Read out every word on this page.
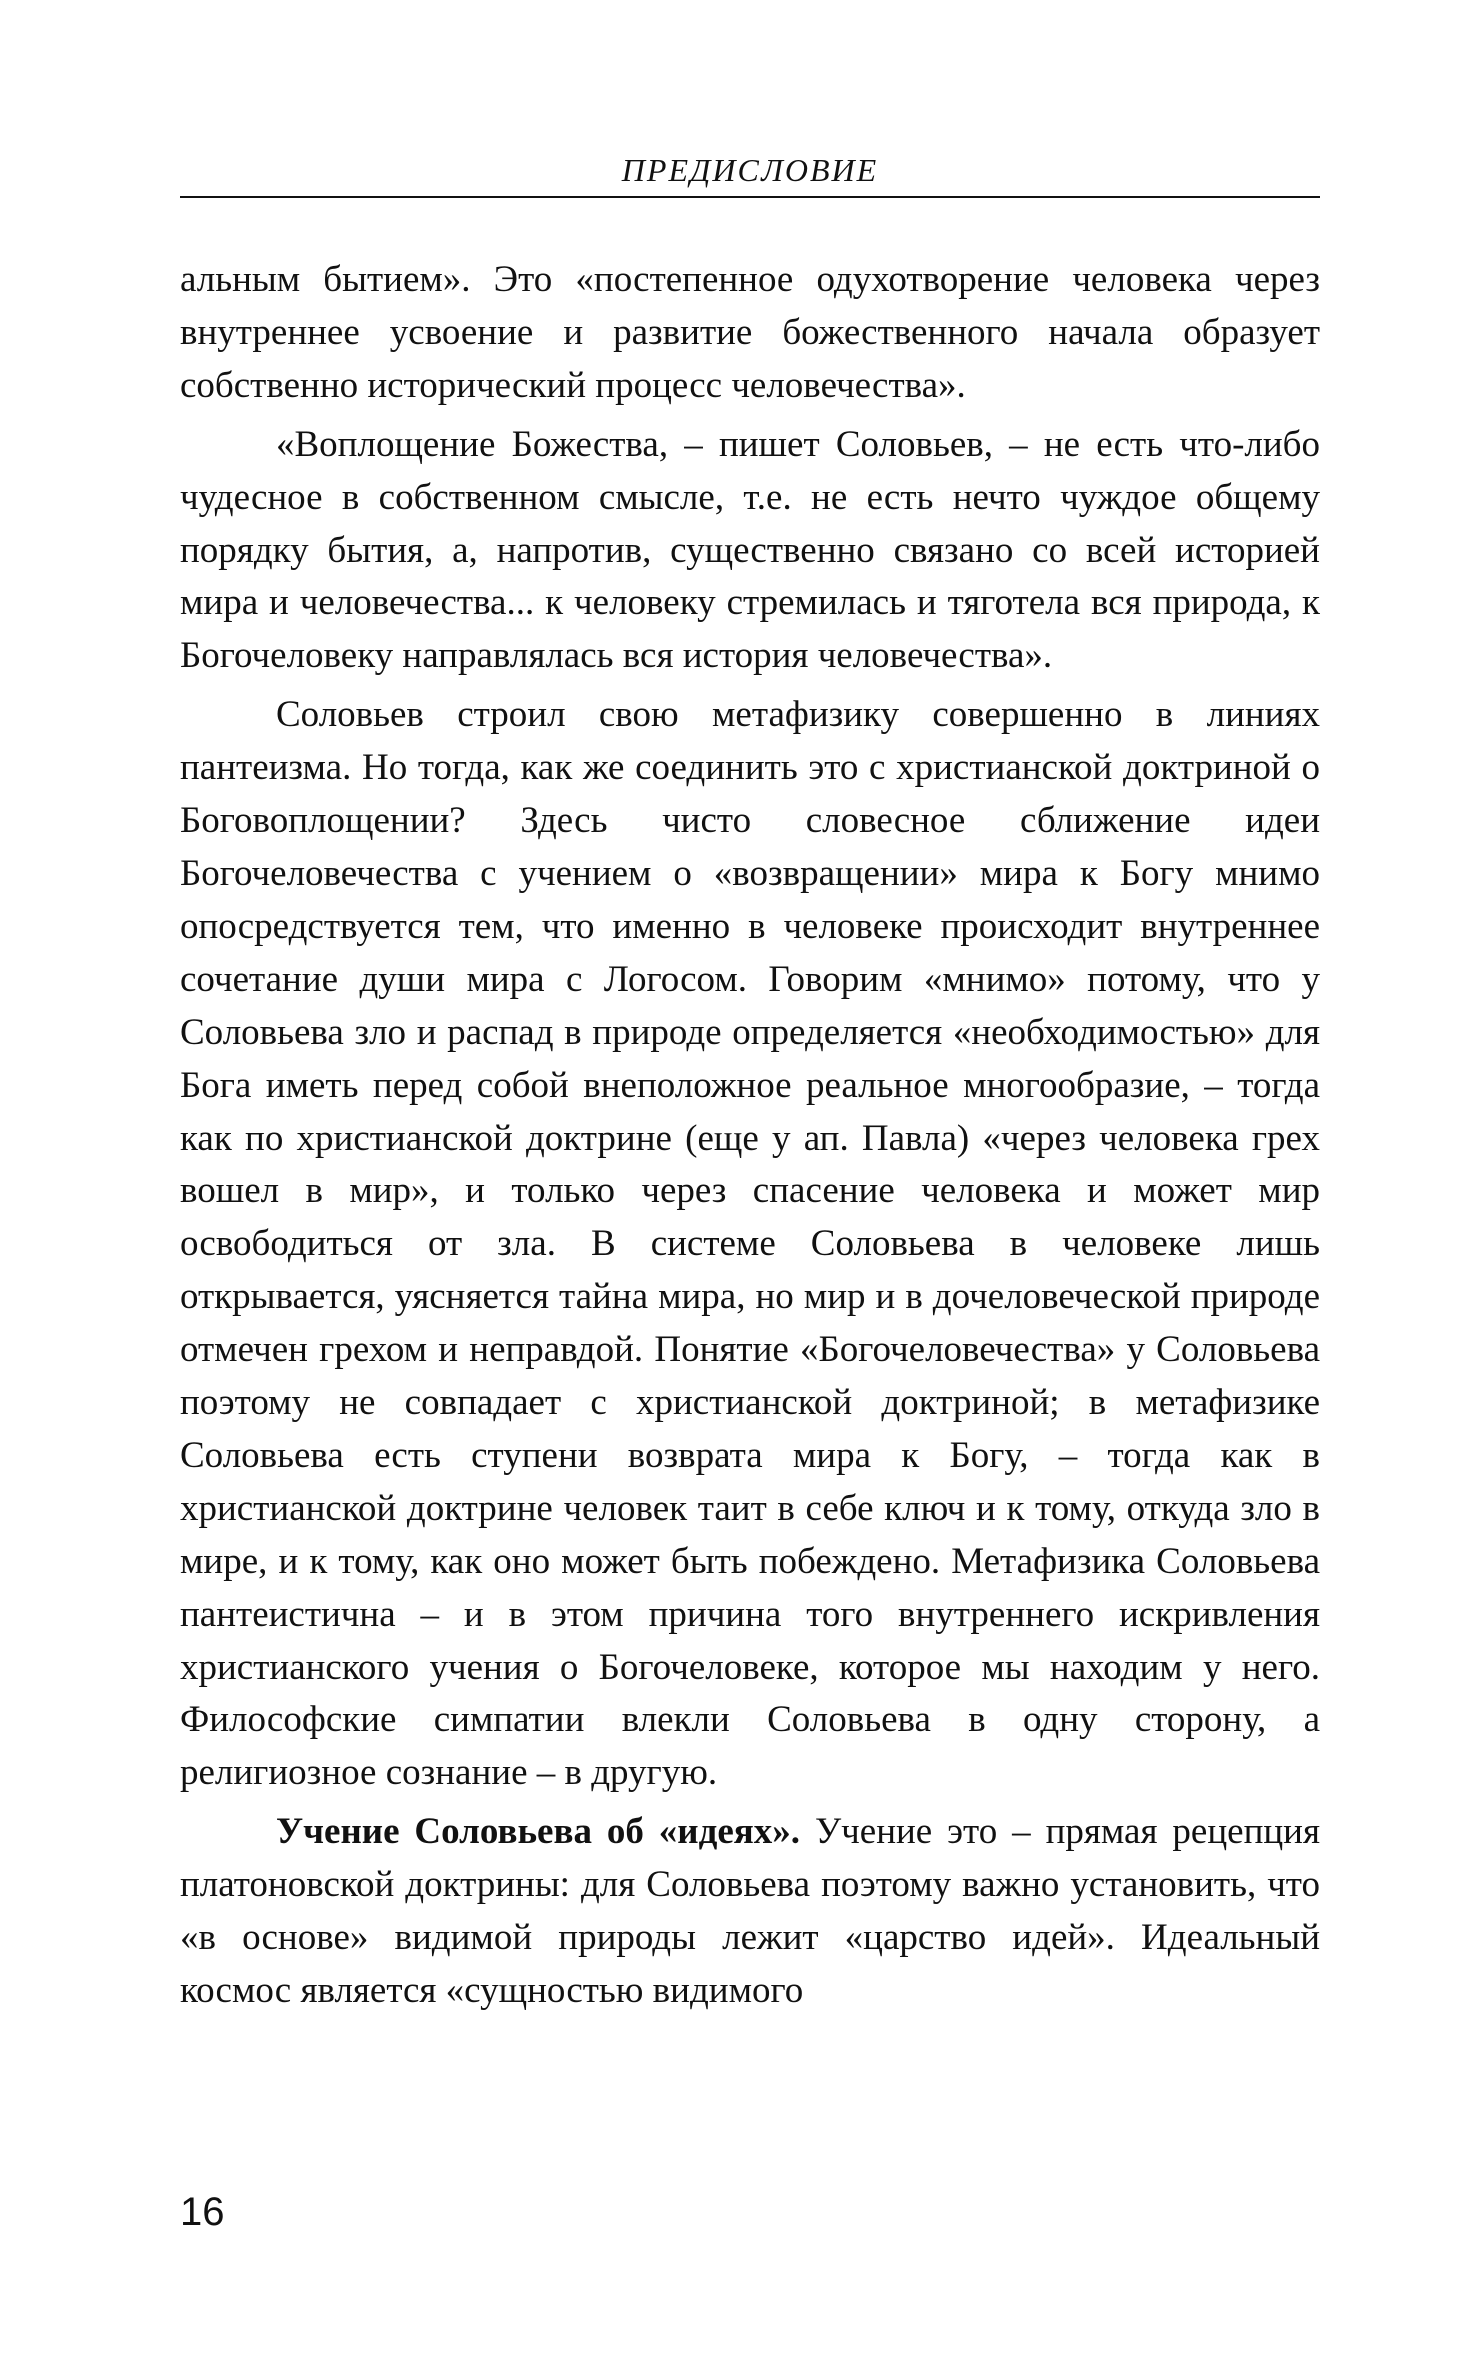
ПРЕДИСЛОВИЕ

альным бытием». Это «постепенное одухотворение человека через внутреннее усвоение и развитие божественного начала образует собственно исторический процесс человечества».

«Воплощение Божества, – пишет Соловьев, – не есть что-либо чудесное в собственном смысле, т.е. не есть нечто чуждое общему порядку бытия, а, напротив, существенно связано со всей историей мира и человечества... к человеку стремилась и тяготела вся природа, к Богочеловеку направлялась вся история человечества».

Соловьев строил свою метафизику совершенно в линиях пантеизма. Но тогда, как же соединить это с христианской доктриной о Боговоплощении? Здесь чисто словесное сближение идеи Богочеловечества с учением о «возвращении» мира к Богу мнимо опосредствуется тем, что именно в человеке происходит внутреннее сочетание души мира с Логосом. Говорим «мнимо» потому, что у Соловьева зло и распад в природе определяется «необходимостью» для Бога иметь перед собой внеположное реальное многообразие, – тогда как по христианской доктрине (еще у ап. Павла) «через человека грех вошел в мир», и только через спасение человека и может мир освободиться от зла. В системе Соловьева в человеке лишь открывается, уясняется тайна мира, но мир и в дочеловеческой природе отмечен грехом и неправдой. Понятие «Богочеловечества» у Соловьева поэтому не совпадает с христианской доктриной; в метафизике Соловьева есть ступени возврата мира к Богу, – тогда как в христианской доктрине человек таит в себе ключ и к тому, откуда зло в мире, и к тому, как оно может быть побеждено. Метафизика Соловьева пантеистична – и в этом причина того внутреннего искривления христианского учения о Богочеловеке, которое мы находим у него. Философские симпатии влекли Соловьева в одну сторону, а религиозное сознание – в другую.

Учение Соловьева об «идеях». Учение это – прямая рецепция платоновской доктрины: для Соловьева поэтому важно установить, что «в основе» видимой природы лежит «царство идей». Идеальный космос является «сущностью видимого

16
